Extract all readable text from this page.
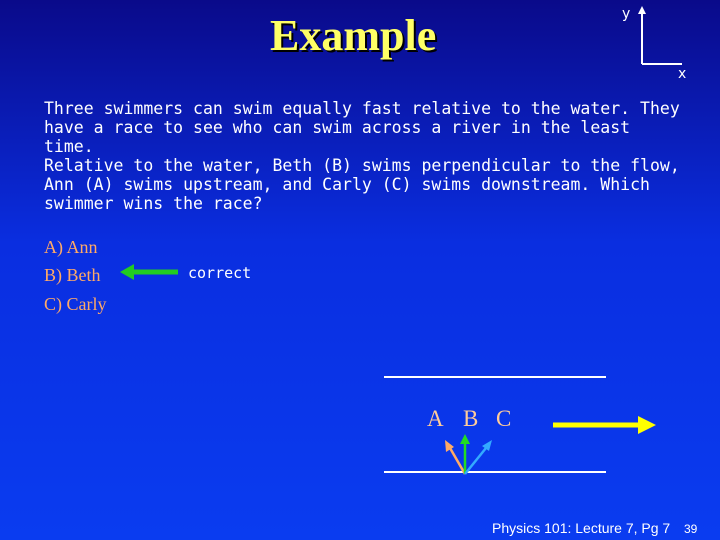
Example	y
x
Three swimmers can swim equally fast relative to the water. They
have a race to see who can swim across a river in the least time.
Relative to the water, Beth (B) swims perpendicular to the flow,
Ann (A) swims upstream, and Carly (C) swims downstream. Which
swimmer wins the race?
A) Ann
B) Beth
C) Carly
correct
A B C
Physics 101: Lecture 7, Pg 7 39
